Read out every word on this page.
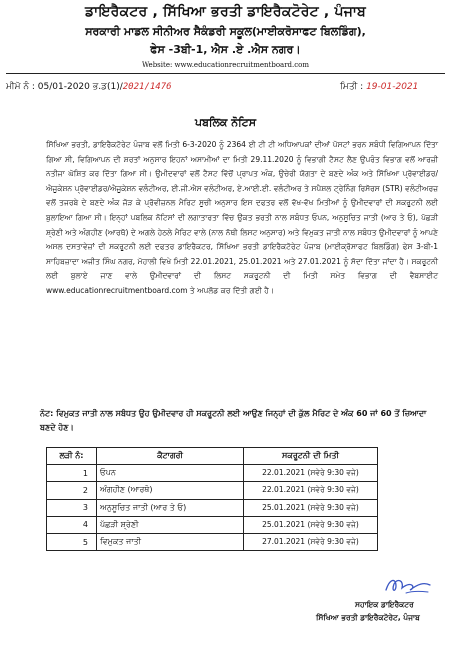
ਡਾਇਰੈਕਟਰ , ਸਿੱਖਿਆ ਭਰਤੀ ਡਾਇਰੈਕਟੋਰੇਟ , ਪੰਜਾਬ
ਸਰਕਾਰੀ ਮਾਡਲ ਸੀਨੀਅਰ ਸੈਕੰਡਰੀ ਸਕੂਲ(ਮਾਈਕਰੋਸਾਫਟ ਬਿਲਡਿੰਗ),
ਫੇਸ -3ਬੀ-1, ਐਸ .ਏ .ਐਸ ਨਗਰ।
Website: www.educationrecruitmentboard.com
ਮੀਮੋ ਨੰ : 05/01-2020 ਭ.ਡ(1)/2021/1476	ਮਿਤੀ : 19-01-2021
ਪਬਲਿਕ ਨੋਟਿਸ
ਸਿੱਖਿਆ ਭਰਤੀ, ਡਾਇਰੈਕਟੋਰੇਟ ਪੰਜਾਬ ਵਲੋਂ ਮਿਤੀ 6-3-2020 ਨੂੰ 2364 ਈ ਟੀ ਟੀ ਅਧਿਆਪਕਾਂ ਦੀਆਂ ਪੋਸਟਾਂ ਭਰਨ ਸਬੰਧੀ ਵਿਗਿਆਪਨ ਦਿੱਤਾ ਗਿਆ ਸੀ, ਵਿਗਿਆਪਨ ਦੀ ਸ਼ਰਤਾਂ ਅਨੁਸਾਰ ਇਹਨਾਂ ਅਸਾਮੀਆਂ ਦਾ ਮਿਤੀ 29.11.2020 ਨੂੰ ਵਿਭਾਗੀ ਟੈਸਟ ਲੈਣ ਉਪਰੰਤ ਵਿਭਾਗ ਵਲੋਂ ਆਰਜ਼ੀ ਨਤੀਜਾ ਘੋਸ਼ਿਤ ਕਰ ਦਿੱਤਾ ਗਿਆ ਸੀ। ਉਮੀਦਵਾਰਾਂ ਵਲੋਂ ਟੈਸਟ ਵਿੱਚੋਂ ਪ੍ਰਾਪਤ ਅੰਕ, ਉਚੇਰੀ ਯੋਗਤਾ ਦੇ ਬਣਦੇ ਅੰਕ ਅਤੇ ਸਿੱਖਿਆ ਪ੍ਰੋਵਾਈਡਰ/ਐਜੂਕੇਸ਼ਨ ਪ੍ਰੋਵਾਈਡਰ/ਐਜੂਕੇਸ਼ਨ ਵਲੰਟੀਅਰ, ਈ.ਜੀ.ਐਸ ਵਲੰਟੀਅਰ, ਏ.ਆਈ.ਈ. ਵਲੰਟੀਅਰ ਤੇ ਸਪੈਸ਼ਲ ਟ੍ਰੇਨਿੰਗ ਰਿਸੋਰਸ (STR) ਵਲੰਟੀਅਰਜ਼ ਵਲੋਂ ਤਜਰਬੇ ਦੇ ਬਣਦੇ ਅੰਕ ਜੋੜ ਕੇ ਪ੍ਰੋਵੀਜ਼ਨਲ ਮੈਰਿਟ ਸੂਚੀ ਅਨੁਸਾਰ ਇਸ ਦਫਤਰ ਵਲੋਂ ਵੱਖ-ਵੱਖ ਮਿਤੀਆਂ ਨੂੰ ਉਮੀਦਵਾਰਾਂ ਦੀ ਸਕਰੂਟਨੀ ਲਈ ਬੁਲਾਇਆ ਗਿਆ ਸੀ। ਇਨ੍ਹਾਂ ਪਬਲਿਕ ਨੋਟਿਸਾਂ ਦੀ ਲਗਾਤਾਰਤਾ ਵਿੱਚ ਉਕਤ ਭਰਤੀ ਨਾਲ ਸਬੰਧਤ ਓਪਨ, ਅਨੁਸੂਚਿਤ ਜਾਤੀ (ਆਰ ਤੇ ਓ), ਪੱਛੜੀ ਸ਼੍ਰੇਣੀ ਅਤੇ ਅੰਗਹੀਣ (ਆਰਥੋ) ਦੇ ਅਗਲੇ ਹੇਠਲੇ ਮੈਰਿਟ ਵਾਲੇ (ਨਾਲ ਨੱਥੀ ਲਿਸਟ ਅਨੁਸਾਰ) ਅਤੇ ਵਿਮੁਕਤ ਜਾਤੀ ਨਾਲ ਸਬੰਧਤ ਉਮੀਦਵਾਰਾਂ ਨੂੰ ਆਪਣੇ ਅਸਲ ਦਸਤਾਵੇਜ਼ਾਂ ਦੀ ਸਕਰੂਟਨੀ ਲਈ ਦਫਤਰ ਡਾਇਰੈਕਟਰ, ਸਿੱਖਿਆ ਭਰਤੀ ਡਾਇਰੈਕਟੋਰੇਟ ਪੰਜਾਬ (ਮਾਈਕ੍ਰੋਸਾਫਟ ਬਿਲਡਿੰਗ) ਫੇਸ 3-ਬੀ-1 ਸਾਹਿਬਜ਼ਾਦਾ ਅਜੀਤ ਸਿੰਘ ਨਗਰ, ਮੋਹਾਲੀ ਵਿਖੇ ਮਿਤੀ 22.01.2021, 25.01.2021 ਅਤੇ 27.01.2021 ਨੂੰ ਸੱਦਾ ਦਿੱਤਾ ਜਾਂਦਾ ਹੈ। ਸਕਰੂਟਨੀ ਲਈ ਬੁਲਾਏ ਜਾਣ ਵਾਲੇ ਉਮੀਦਵਾਰਾਂ ਦੀ ਲਿਸਟ ਸਕਰੂਟਨੀ ਦੀ ਮਿਤੀ ਸਮੇਤ ਵਿਭਾਗ ਦੀ ਵੈਬਸਾਈਟ www.educationrecruitmentboard.com ਤੇ ਅਪਲੋਡ ਕਰ ਦਿੱਤੀ ਗਈ ਹੈ।
ਨੋਟ: ਵਿਮੁਕਤ ਜਾਤੀ ਨਾਲ ਸਬੰਧਤ ਉਹ ਉਮੀਦਵਾਰ ਹੀ ਸਕਰੂਟਨੀ ਲਈ ਆਉਣ ਜਿਨ੍ਹਾਂ ਦੀ ਕੁੱਲ ਮੈਰਿਟ ਦੇ ਅੰਕ 60 ਜਾਂ 60 ਤੋਂ ਜ਼ਿਆਦਾ ਬਣਦੇ ਹੋਣ।
ਲੜੀ ਨੰ:	ਕੈਟਾਗਰੀ	ਸਕਰੂਟਨੀ ਦੀ ਮਿਤੀ
1	ਓਪਨ	22.01.2021 (ਸਵੇਰੇ 9:30 ਵਜੇ)
2	ਅੰਗਹੀਣ (ਆਰਥੋ)	22.01.2021 (ਸਵੇਰੇ 9:30 ਵਜੇ)
3	ਅਨੁਸੂਚਿਤ ਜਾਤੀ (ਆਰ ਤੇ ਓ)	25.01.2021 (ਸਵੇਰੇ 9:30 ਵਜੇ)
4	ਪੱਛੜੀ ਸ਼੍ਰੇਣੀ	25.01.2021 (ਸਵੇਰੇ 9:30 ਵਜੇ)
5	ਵਿਮੁਕਤ ਜਾਤੀ	27.01.2021 (ਸਵੇਰੇ 9:30 ਵਜੇ)
ਸਹਾਇਕ ਡਾਇਰੈਕਟਰ
ਸਿੱਖਿਆ ਭਰਤੀ ਡਾਇਰੈਕਟੋਰੇਟ, ਪੰਜਾਬ
